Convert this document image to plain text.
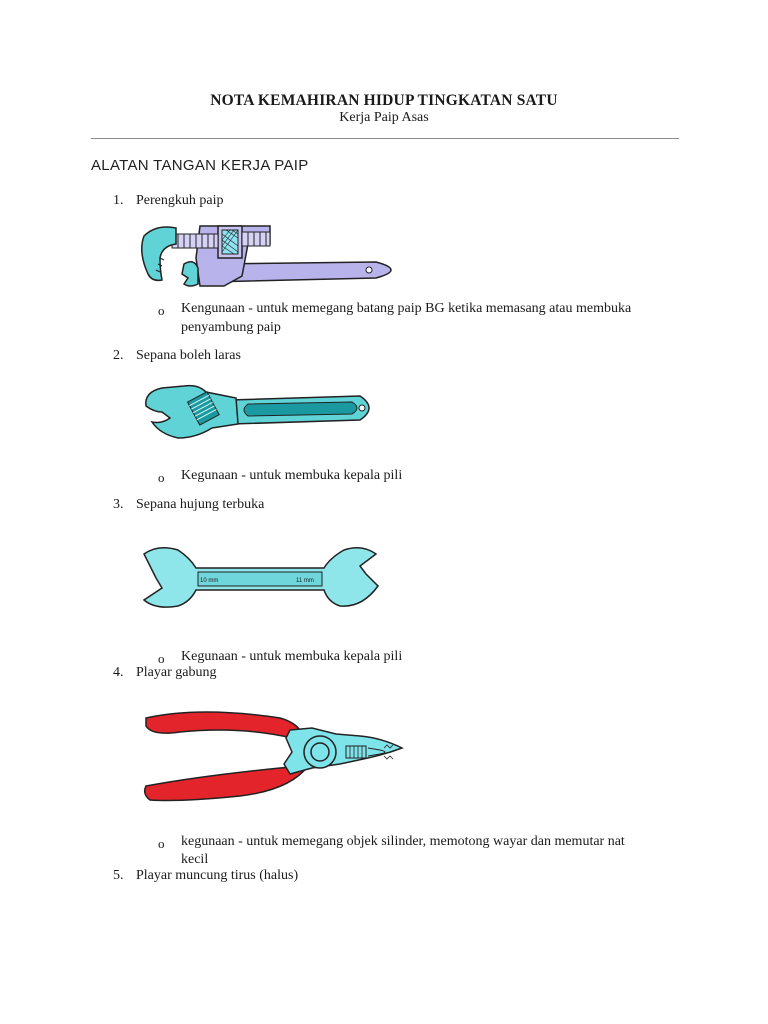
NOTA KEMAHIRAN HIDUP TINGKATAN SATU
Kerja Paip Asas
ALATAN TANGAN KERJA PAIP
1. Perengkuh paip
o Kengunaan - untuk memegang batang paip BG ketika memasang atau membuka
penyambung paip
2. Sepana boleh laras
o Kegunaan - untuk membuka kepala pili
3. Sepana hujung terbuka
10 mm	11 mm
o Kegunaan - untuk membuka kepala pili
4. Playar gabung
o kegunaan - untuk memegang objek silinder, memotong wayar dan memutar nat
kecil
5. Playar muncung tirus (halus)
